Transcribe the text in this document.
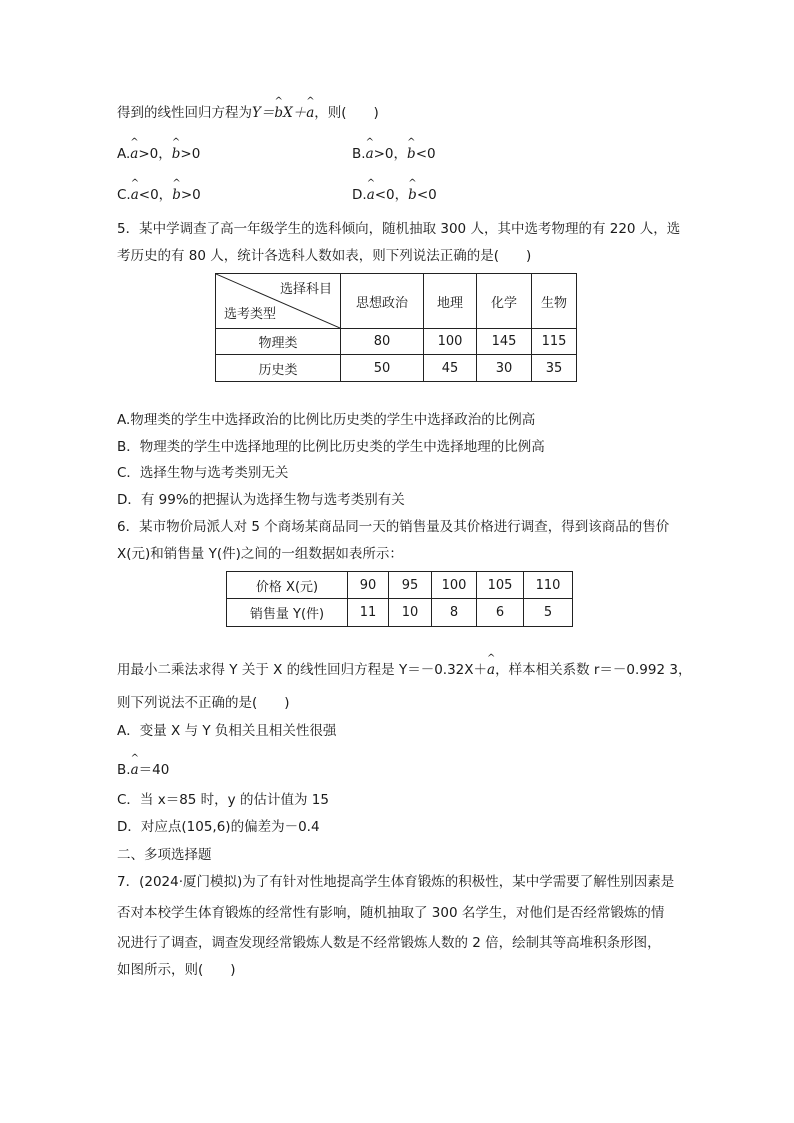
得到的线性回归方程为Y＝^ bX＋^ a，则(　　)
A.^ a>0，^ b>0	B.^ a>0，^ b<0
C.^ a<0，^ b>0	D.^ a<0，^ b<0
5．某中学调查了高一年级学生的选科倾向，随机抽取 300 人，其中选考物理的有 220 人，选
考历史的有 80 人，统计各选科人数如表，则下列说法正确的是(　　)
选择科目
选考类型	思想政治	地理	化学	生物
物理类	80	100	145	115
历史类	50	45	30	35
A.物理类的学生中选择政治的比例比历史类的学生中选择政治的比例高
B．物理类的学生中选择地理的比例比历史类的学生中选择地理的比例高
C．选择生物与选考类别无关
D．有 99%的把握认为选择生物与选考类别有关
6．某市物价局派人对 5 个商场某商品同一天的销售量及其价格进行调查，得到该商品的售价
X(元)和销售量 Y(件)之间的一组数据如表所示：
价格 X(元)	90	95	100	105	110
销售量 Y(件)	11	10	8	6	5
用最小二乘法求得 Y 关于 X 的线性回归方程是 Y＝－0.32X＋^ a，样本相关系数 r＝－0.992 3，
则下列说法不正确的是(　　)
A．变量 X 与 Y 负相关且相关性很强
B.^ a＝40
C．当 x＝85 时，y 的估计值为 15
D．对应点(105,6)的偏差为－0.4
二、多项选择题
7．(2024·厦门模拟)为了有针对性地提高学生体育锻炼的积极性，某中学需要了解性别因素是
否对本校学生体育锻炼的经常性有影响，随机抽取了 300 名学生，对他们是否经常锻炼的情
况进行了调查，调查发现经常锻炼人数是不经常锻炼人数的 2 倍，绘制其等高堆积条形图，
如图所示，则(　　)
